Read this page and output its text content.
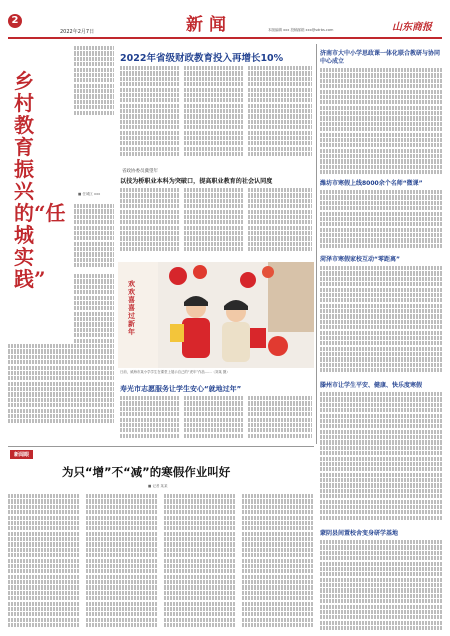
2
2022年2月7日	新闻	本版编辑 xxx 投稿邮箱 xxx@sdrbs.com	山东商报
乡村教育振兴的“任城实践”
■ 任城区 xxx
2022年省级财政教育投入再增长10%
省政协委员冀望年
以技为桥职业本科为突破口，提高职业教育的社会认同度
欢欢喜喜过新年
日前，威海市某小学学生在课堂上展示自己的“虎年”作品……（刘某 摄）
寿光市志愿服务让学生安心“就地过年”
济南市大中小学思政课一体化联合教研与协同中心成立
潍坊市寒假上线8000余个名师“微课”
菏泽市寒假家校互动“零距离”
滕州市让学生平安、健康、快乐度寒假
蒙阴县间置校舍变身研学基地
新闻眼
为只“增”不“减”的寒假作业叫好
■ 记者 某某
